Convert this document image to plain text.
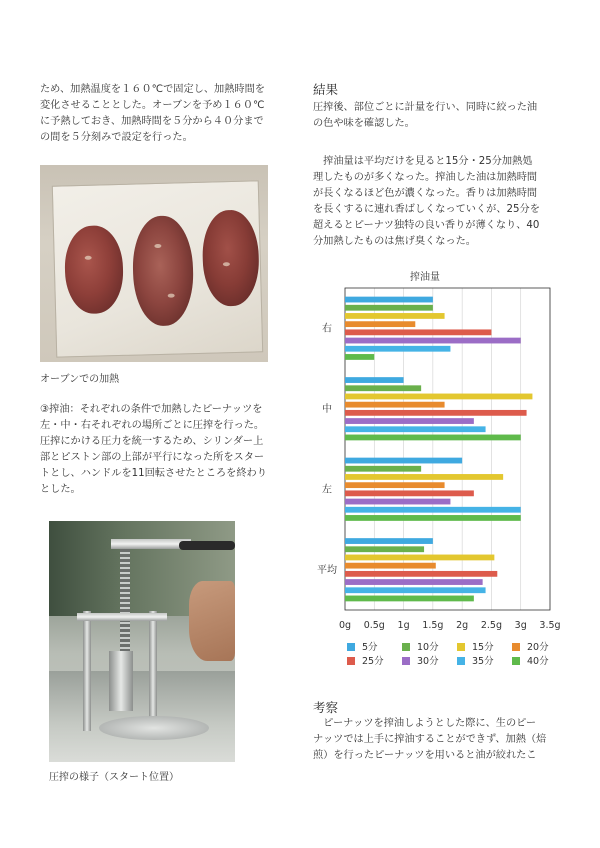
ため、加熱温度を１６０℃で固定し、加熱時間を
変化させることとした。オーブンを予め１６０℃
に予熱しておき、加熱時間を５分から４０分まで
の間を５分刻みで設定を行った。

オーブンでの加熱

③搾油：それぞれの条件で加熱したピーナッツを
左・中・右それぞれの場所ごとに圧搾を行った。
圧搾にかける圧力を統一するため、シリンダー上
部とピストン部の上部が平行になった所をスター
トとし、ハンドルを11回転させたところを終わり
とした。

圧搾の様子（スタート位置）

結果

圧搾後、部位ごとに計量を行い、同時に絞った油
の色や味を確認した。

　搾油量は平均だけを見ると15分・25分加熱処
理したものが多くなった。搾油した油は加熱時間
が長くなるほど色が濃くなった。香りは加熱時間
を長くするに連れ香ばしくなっていくが、25分を
超えるとピーナツ独特の良い香りが薄くなり、40
分加熱したものは焦げ臭くなった。

搾油量

右
中
左
平均
0g 0.5g 1g 1.5g 2g 2.5g 3g 3.5g
5分	10分	15分	20分
25分	30分	35分	40分
考察

　ピーナッツを搾油しようとした際に、生のピー
ナッツでは上手に搾油することができず、加熱（焙
煎）を行ったピーナッツを用いると油が絞れたこ
